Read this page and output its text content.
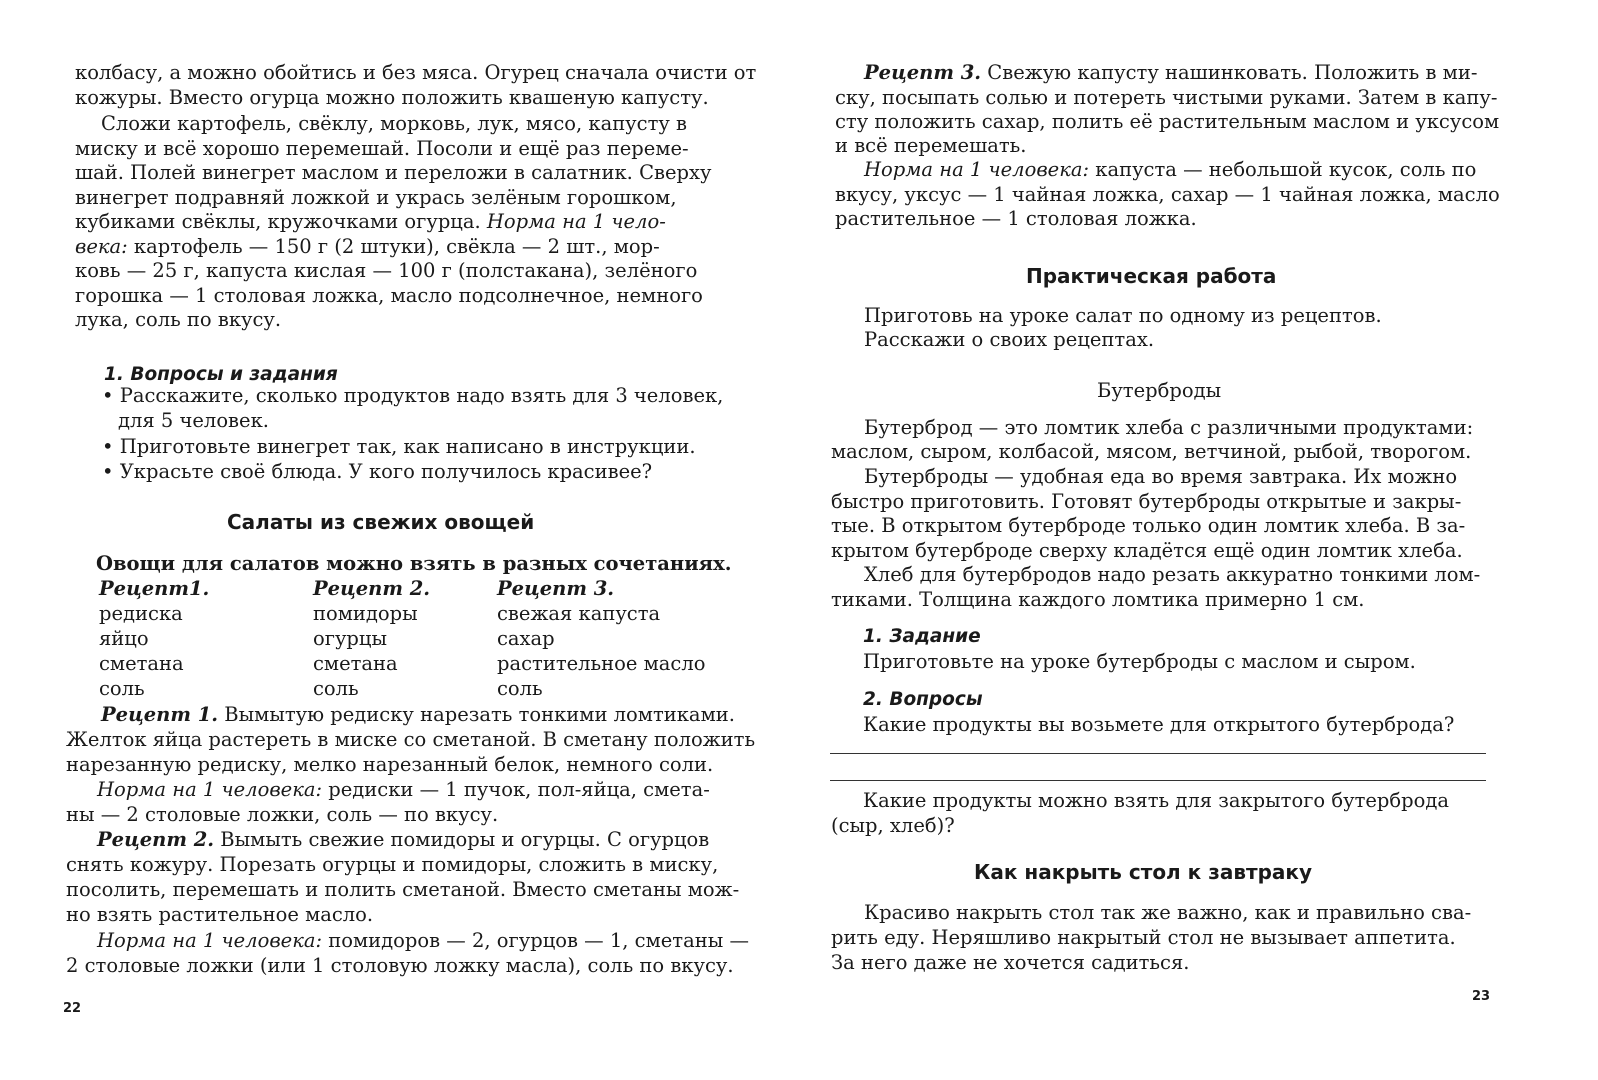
колбасу, а можно обойтись и без мяса. Огурец сначала очисти от

кожуры. Вместо огурца можно положить квашеную капусту.

Сложи картофель, свёклу, морковь, лук, мясо, капусту в

миску и всё хорошо перемешай. Посоли и ещё раз переме-

шай. Полей винегрет маслом и переложи в салатник. Сверху

винегрет подравняй ложкой и укрась зелёным горошком,

кубиками свёклы, кружочками огурца. Норма на 1 чело-

века: картофель — 150 г (2 штуки), свёкла — 2 шт., мор-

ковь — 25 г, капуста кислая — 100 г (полстакана), зелёного

горошка — 1 столовая ложка, масло подсолнечное, немного

лука, соль по вкусу.

1. Вопросы и задания

• Расскажите, сколько продуктов надо взять для 3 человек,

для 5 человек.

• Приготовьте винегрет так, как написано в инструкции.

• Украсьте своё блюда. У кого получилось красивее?

Салаты из свежих овощей

Овощи для салатов можно взять в разных сочетаниях.

Рецепт1.
редиска
яйцо
сметана
соль
Рецепт 2.
помидоры
огурцы
сметана
соль
Рецепт 3.
свежая капуста
сахар
растительное масло
соль

Рецепт 1. Вымытую редиску нарезать тонкими ломтиками.

Желток яйца растереть в миске со сметаной. В сметану положить

нарезанную редиску, мелко нарезанный белок, немного соли.

Норма на 1 человека: редиски — 1 пучок, пол-яйца, смета-

ны — 2 столовые ложки, соль — по вкусу.

Рецепт 2. Вымыть свежие помидоры и огурцы. С огурцов

снять кожуру. Порезать огурцы и помидоры, сложить в миску,

посолить, перемешать и полить сметаной. Вместо сметаны мож-

но взять растительное масло.

Норма на 1 человека: помидоров — 2, огурцов — 1, сметаны —

2 столовые ложки (или 1 столовую ложку масла), соль по вкусу.

22

Рецепт 3. Свежую капусту нашинковать. Положить в ми-

ску, посыпать солью и потереть чистыми руками. Затем в капу-

сту положить сахар, полить её растительным маслом и уксусом

и всё перемешать.

Норма на 1 человека: капуста — небольшой кусок, соль по

вкусу, уксус — 1 чайная ложка, сахар — 1 чайная ложка, масло

растительное — 1 столовая ложка.

Практическая работа

Приготовь на уроке салат по одному из рецептов.

Расскажи о своих рецептах.

Бутерброды

Бутерброд — это ломтик хлеба с различными продуктами:

маслом, сыром, колбасой, мясом, ветчиной, рыбой, творогом.

Бутерброды — удобная еда во время завтрака. Их можно

быстро приготовить. Готовят бутерброды открытые и закры-

тые. В открытом бутерброде только один ломтик хлеба. В за-

крытом бутерброде сверху кладётся ещё один ломтик хлеба.

Хлеб для бутербродов надо резать аккуратно тонкими лом-

тиками. Толщина каждого ломтика примерно 1 см.

1. Задание

Приготовьте на уроке бутерброды с маслом и сыром.

2. Вопросы

Какие продукты вы возьмете для открытого бутерброда?

Какие продукты можно взять для закрытого бутерброда

(сыр, хлеб)?

Как накрыть стол к завтраку

Красиво накрыть стол так же важно, как и правильно сва-

рить еду. Неряшливо накрытый стол не вызывает аппетита.

За него даже не хочется садиться.

23
